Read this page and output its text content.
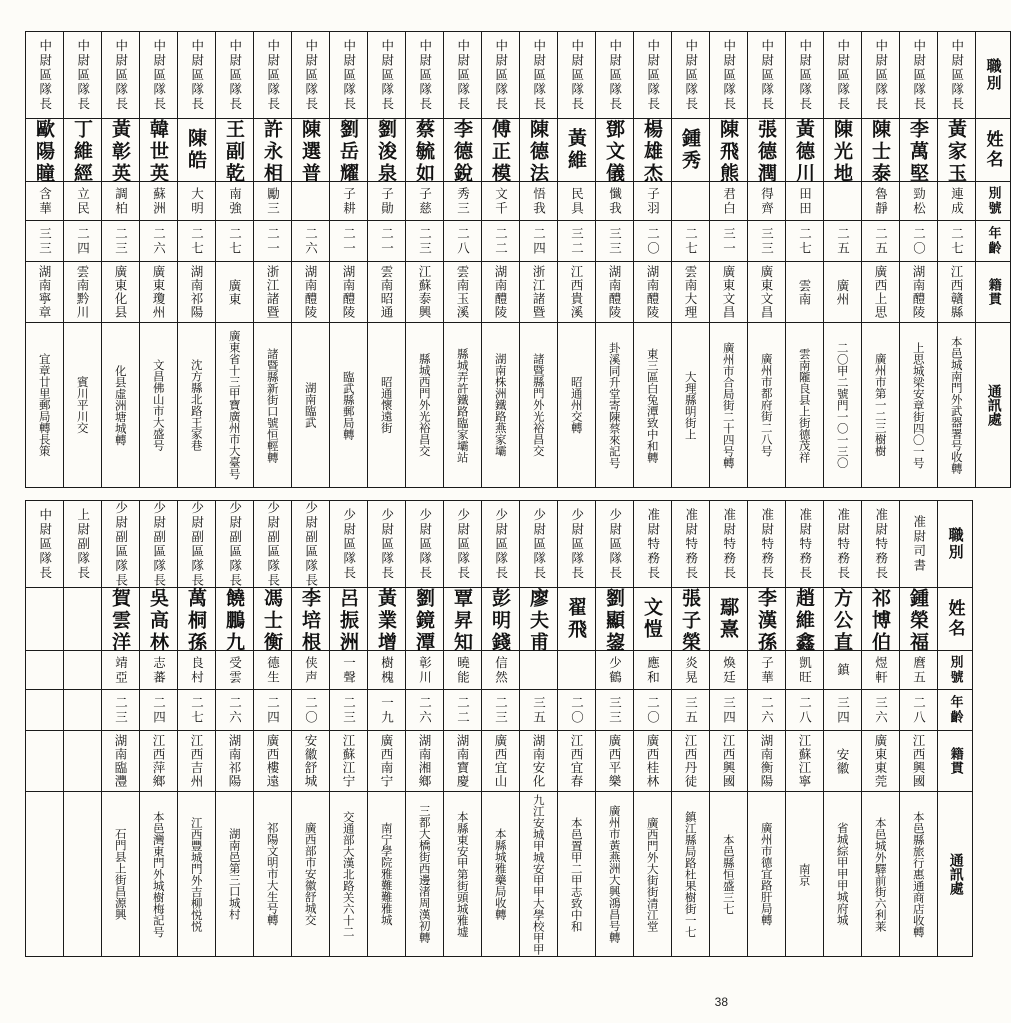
中尉區隊長	中尉區隊長	中尉區隊長	中尉區隊長	中尉區隊長	中尉區隊長	中尉區隊長	中尉區隊長	中尉區隊長	中尉區隊長	中尉區隊長	中尉區隊長	中尉區隊長	中尉區隊長	中尉區隊長	中尉區隊長	中尉區隊長	中尉區隊長	中尉區隊長	中尉區隊長	中尉區隊長	中尉區隊長	中尉區隊長	中尉區隊長	中尉區隊長	職別

歐陽瞳	丁維經	黃彰英	韓世英	陳皓	王副乾	許永相	陳選普	劉岳耀	劉浚泉	蔡毓如	李德銳	傅正模	陳德法	黃維	鄧文儀	楊雄杰	鍾秀	陳飛熊	張德潤	黃德川	陳光地	陳士泰	李萬堅	黃家玉	姓名

含華	立民	調柏	蘇洲	大明	南強	勵三		子耕	子勛	子慈	秀三	文千	悟我	民具	懺我	子羽		君白	得齊	田田		魯靜	勁松	連成	別號

三三	二四	二三	二六	二七	二七	二一	二六	二一	二一	二三	二八	二二	二四	三二	三三	二〇	二七	三一	三三	二七	二五	二五	二〇	二七	年齡

湖南寧章	雲南黔川	廣東化县	廣東瓊州	湖南祁陽	廣東	浙江諸暨	湖南醴陵	湖南醴陵	雲南昭通	江蘇泰興	雲南玉溪	湖南醴陵	浙江諸暨	江西貴溪	湖南醴陵	湖南醴陵	雲南大理	廣東文昌	廣東文昌	雲南	廣州	廣西上思	湖南醴陵	江西贛縣	籍貫

宜章廿里郵局轉長策	賓川平川交	化县虛洲塘城轉	文昌佛山市大盛号	沈方縣北路王家巷	廣東省十三甲寶廣州市大臺号	諸暨縣新街口號恒輕轉	湖南臨武	臨武縣郵局轉	昭通懷遠街	縣城西門外光裕昌交	縣城弄許鐵路臨家壩站	湖南株洲鐵路燕家壩	諸暨縣門外光裕昌交	昭通州交轉	卦溪同升堂寄陳蔡來記号	東三區白兔潭致中和轉	大理縣明街上	廣州市合局街二十四号轉	廣州市都府街二八号	雲南隴良县上街德茂祥	二〇甲二號門一〇一三〇	廣州市第一二三樹樹	上思城梁安章街四〇一号	本邑城南門外武器署号收轉	通訊處
中尉區隊長	上尉副隊長	少尉副區隊長	少尉副區隊長	少尉副區隊長	少尉副區隊長	少尉副區隊長	少尉副區隊長	少尉區隊長	少尉區隊長	少尉區隊長	少尉區隊長	少尉區隊長	少尉區隊長	少尉區隊長	少尉區隊長	准尉特務長	准尉特務長	准尉特務長	准尉特務長	准尉特務長	准尉特務長	准尉特務長	准尉司書	職別

		賀雲洋	吳高林	萬桐孫	饒鵬九	馮士衡	李培根	呂振洲	黃業增	劉鏡潭	覃昇知	彭明錢	廖夫甫	翟飛	劉顯鋆	文愷	張子榮	鄢熹	李漢孫	趙維鑫	方公直	祁博伯	鍾榮福	姓名

		靖亞	志蕃	良村	受雲	德生	侠声	一聲	樹槐	彰川	曉能	信然			少鶴	應和	炎晃	煥廷	子華	凱旺	鎮	煜軒	麿五	別號

		二三	二四	二七	二六	二四	二〇	二三	一九	二六	二二	二三	三五	二〇	三三	二〇	三五	三四	二六	二八	三四	三六	二八	年齡

		湖南臨灃	江西萍鄉	江西吉州	湖南祁陽	廣西樓遠	安徽舒城	江蘇江宁	廣西南宁	湖南湘鄉	湖南寶慶	廣西宜山	湖南安化	江西宜春	廣西平樂	廣西桂林	江西丹徒	江西興國	湖南衡陽	江蘇江寧	安徽	廣東東莞	江西興國	籍貫

		石門县上街昌源興	本邑灣東門外城樹梅記号	江西豐城門外吉柳悦悦	湖南邑第三口城村	祁陽文明市大生号轉	廣西部市安徽舒城交	交通部大漢北路关六十二	南宁學院雅難難雅城	三都大橋街西邊渚周漢初轉	本縣東安甲第街頭城雅墟	本縣城雅藥局收轉	九江安城甲城安甲甲大學校甲甲	本邑置甲二甲志致中和	廣州市黃燕洲大興鴻昌号轉	廣西門外大街街清江堂	鎮江縣局路杜果樹街一七	本邑縣恒盛三七	廣州市德宜路肝局轉	南京	省城綜甲甲甲城府城	本邑城外驛前街六利莱	本邑縣旅行惠通商店收轉	通訊處
38
